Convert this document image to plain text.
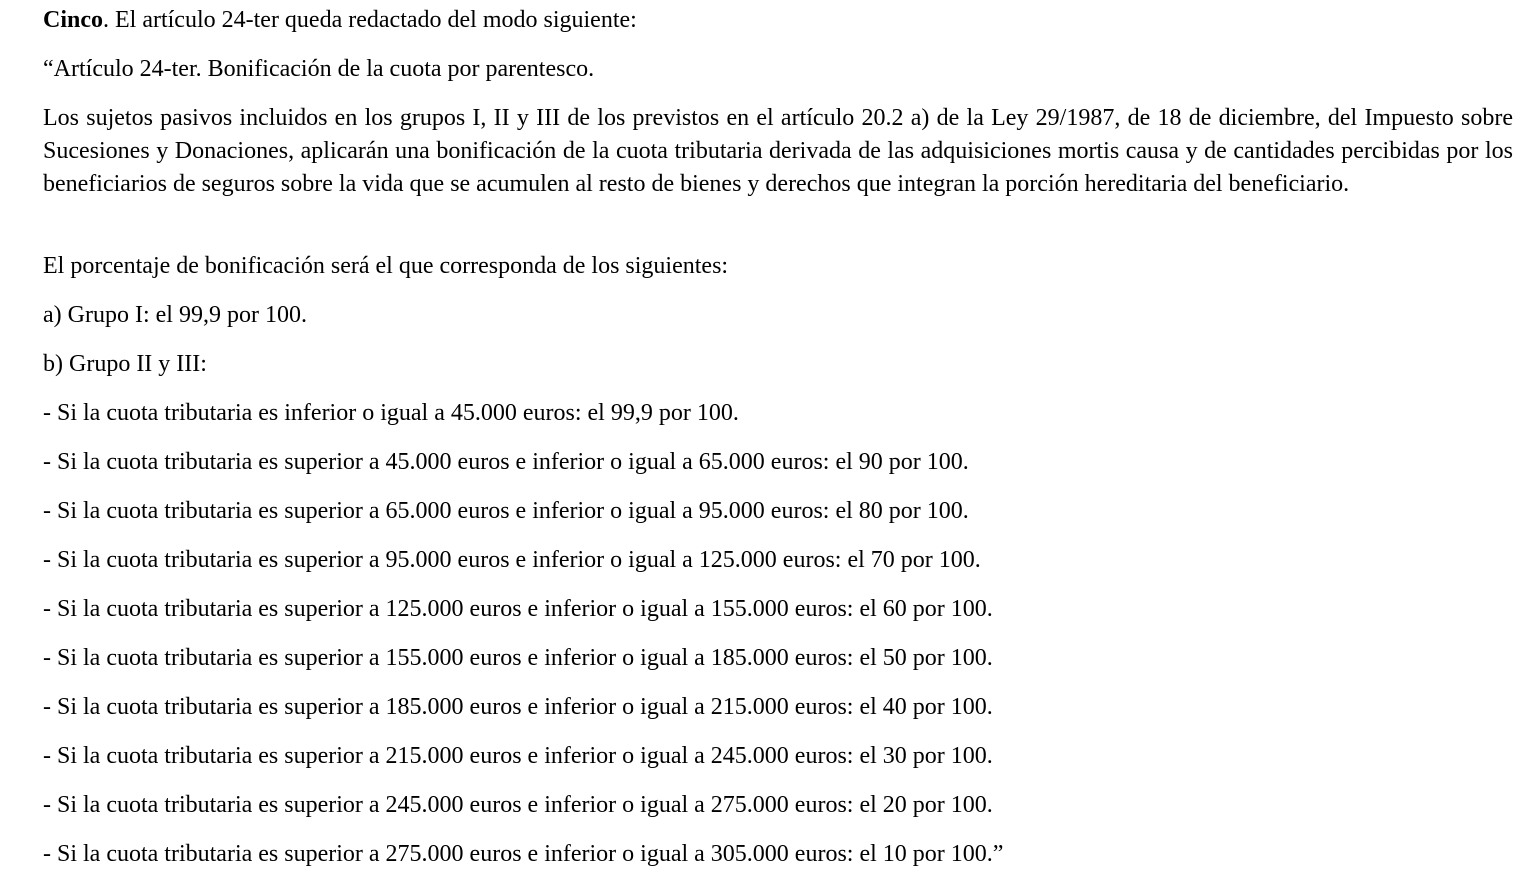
Cinco. El artículo 24-ter queda redactado del modo siguiente:

“Artículo 24-ter. Bonificación de la cuota por parentesco.

Los sujetos pasivos incluidos en los grupos I, II y III de los previstos en el artículo 20.2 a) de la Ley 29/1987, de 18 de diciembre, del Impuesto sobre Sucesiones y Donaciones, aplicarán una bonificación de la cuota tributaria derivada de las adquisiciones mortis causa y de cantidades percibidas por los beneficiarios de seguros sobre la vida que se acumulen al resto de bienes y derechos que integran la porción hereditaria del beneficiario.

El porcentaje de bonificación será el que corresponda de los siguientes:

a) Grupo I: el 99,9 por 100.

b) Grupo II y III:

- Si la cuota tributaria es inferior o igual a 45.000 euros: el 99,9 por 100.

- Si la cuota tributaria es superior a 45.000 euros e inferior o igual a 65.000 euros: el 90 por 100.

- Si la cuota tributaria es superior a 65.000 euros e inferior o igual a 95.000 euros: el 80 por 100.

- Si la cuota tributaria es superior a 95.000 euros e inferior o igual a 125.000 euros: el 70 por 100.

- Si la cuota tributaria es superior a 125.000 euros e inferior o igual a 155.000 euros: el 60 por 100.

- Si la cuota tributaria es superior a 155.000 euros e inferior o igual a 185.000 euros: el 50 por 100.

- Si la cuota tributaria es superior a 185.000 euros e inferior o igual a 215.000 euros: el 40 por 100.

- Si la cuota tributaria es superior a 215.000 euros e inferior o igual a 245.000 euros: el 30 por 100.

- Si la cuota tributaria es superior a 245.000 euros e inferior o igual a 275.000 euros: el 20 por 100.

- Si la cuota tributaria es superior a 275.000 euros e inferior o igual a 305.000 euros: el 10 por 100.”
